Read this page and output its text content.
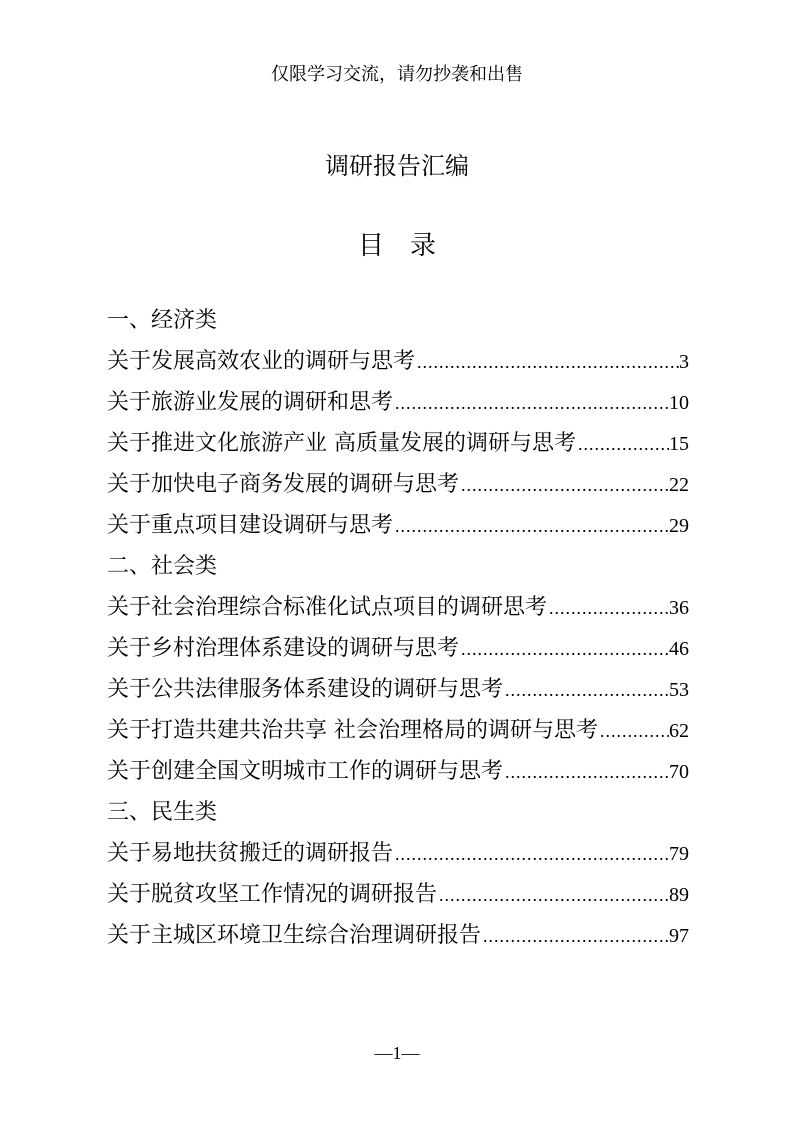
仅限学习交流，请勿抄袭和出售
调研报告汇编
目　录
一、经济类
关于发展高效农业的调研与思考 .....	3
关于旅游业发展的调研和思考 .....	10
关于推进文化旅游产业 高质量发展的调研与思考 .....	15
关于加快电子商务发展的调研与思考 .....	22
关于重点项目建设调研与思考 .....	29
二、社会类
关于社会治理综合标准化试点项目的调研思考 .....	36
关于乡村治理体系建设的调研与思考 .....	46
关于公共法律服务体系建设的调研与思考 .....	53
关于打造共建共治共享 社会治理格局的调研与思考 .....	62
关于创建全国文明城市工作的调研与思考 .....	70
三、民生类
关于易地扶贫搬迁的调研报告 .....	79
关于脱贫攻坚工作情况的调研报告 .....	89
关于主城区环境卫生综合治理调研报告 .....	97
—1—
